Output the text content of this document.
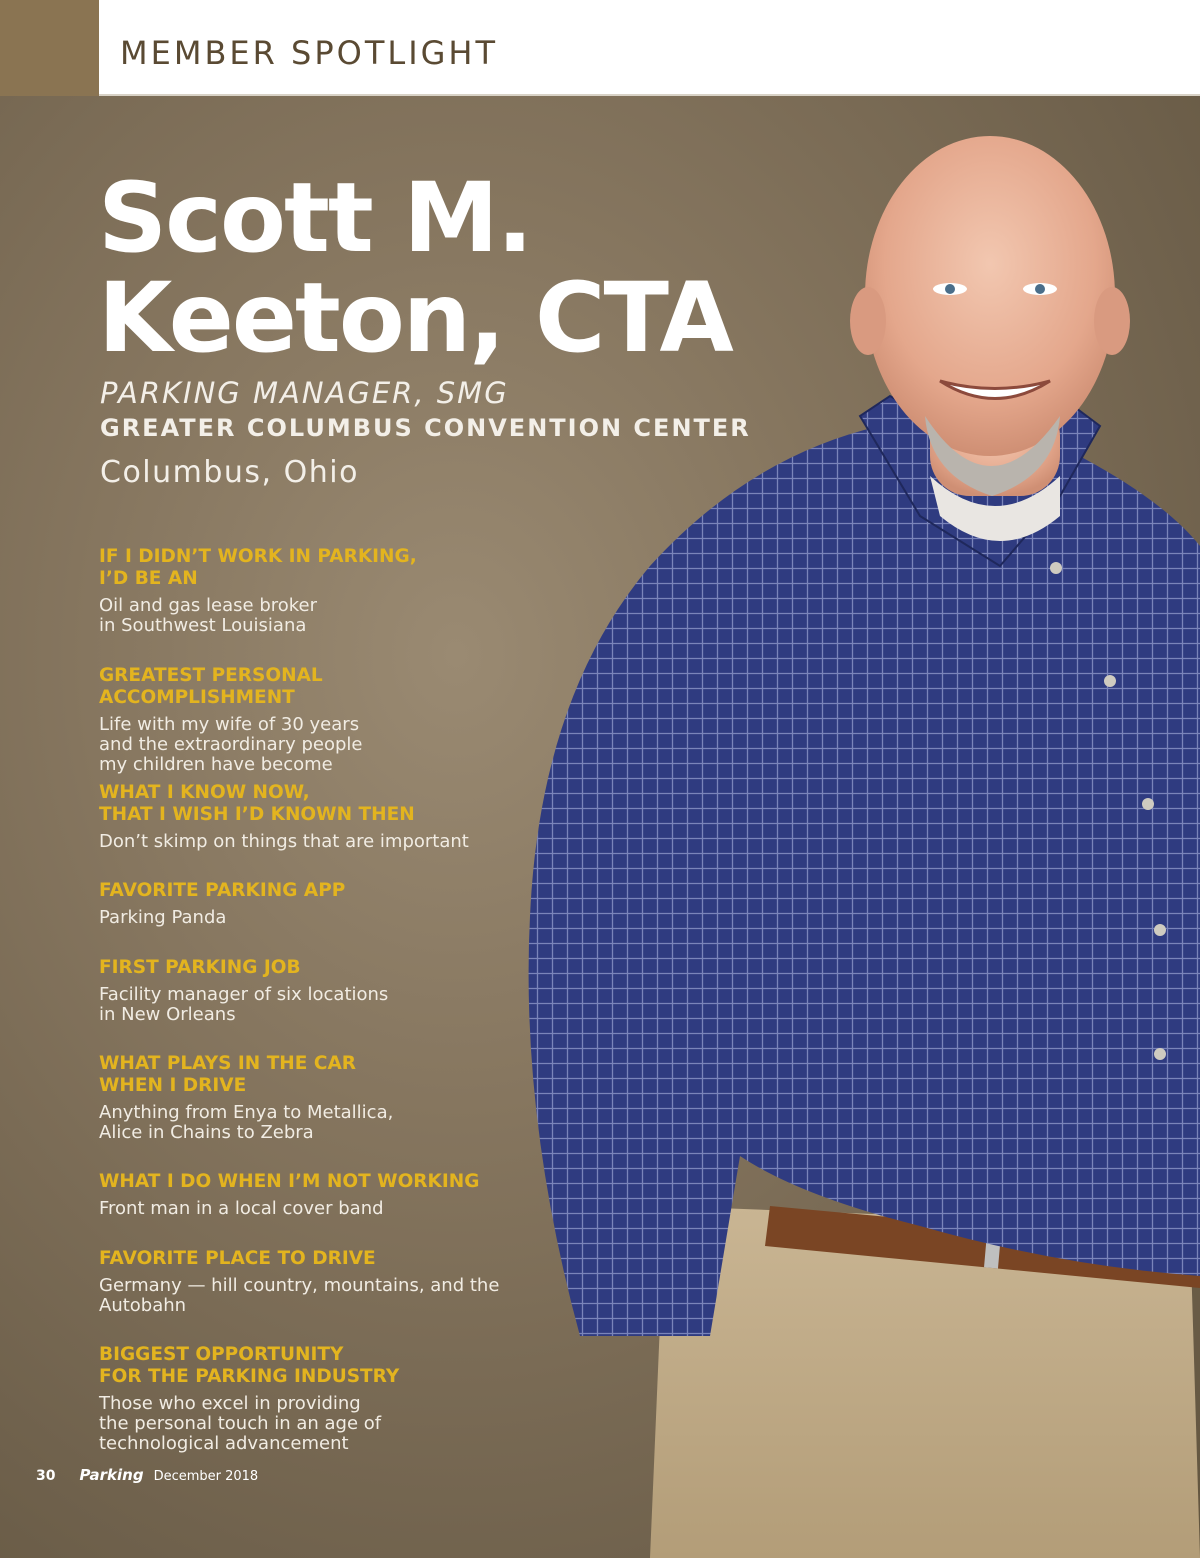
MEMBER SPOTLIGHT
Scott M.
Keeton, CTA
PARKING MANAGER, SMG
GREATER COLUMBUS CONVENTION CENTER
Columbus, Ohio
IF I DIDN’T WORK IN PARKING,
I’D BE AN
Oil and gas lease broker
in Southwest Louisiana
GREATEST PERSONAL ACCOMPLISHMENT
Life with my wife of 30 years
and the extraordinary people
my children have become
WHAT I KNOW NOW,
THAT I WISH I’D KNOWN THEN
Don’t skimp on things that are important
FAVORITE PARKING APP
Parking Panda
FIRST PARKING JOB
Facility manager of six locations
in New Orleans
WHAT PLAYS IN THE CAR
WHEN I DRIVE
Anything from Enya to Metallica,
Alice in Chains to Zebra
WHAT I DO WHEN I’M NOT WORKING
Front man in a local cover band
FAVORITE PLACE TO DRIVE
Germany — hill country, mountains, and the
Autobahn
BIGGEST OPPORTUNITY
FOR THE PARKING INDUSTRY
Those who excel in providing
the personal touch in an age of
technological advancement
30 Parking December 2018
